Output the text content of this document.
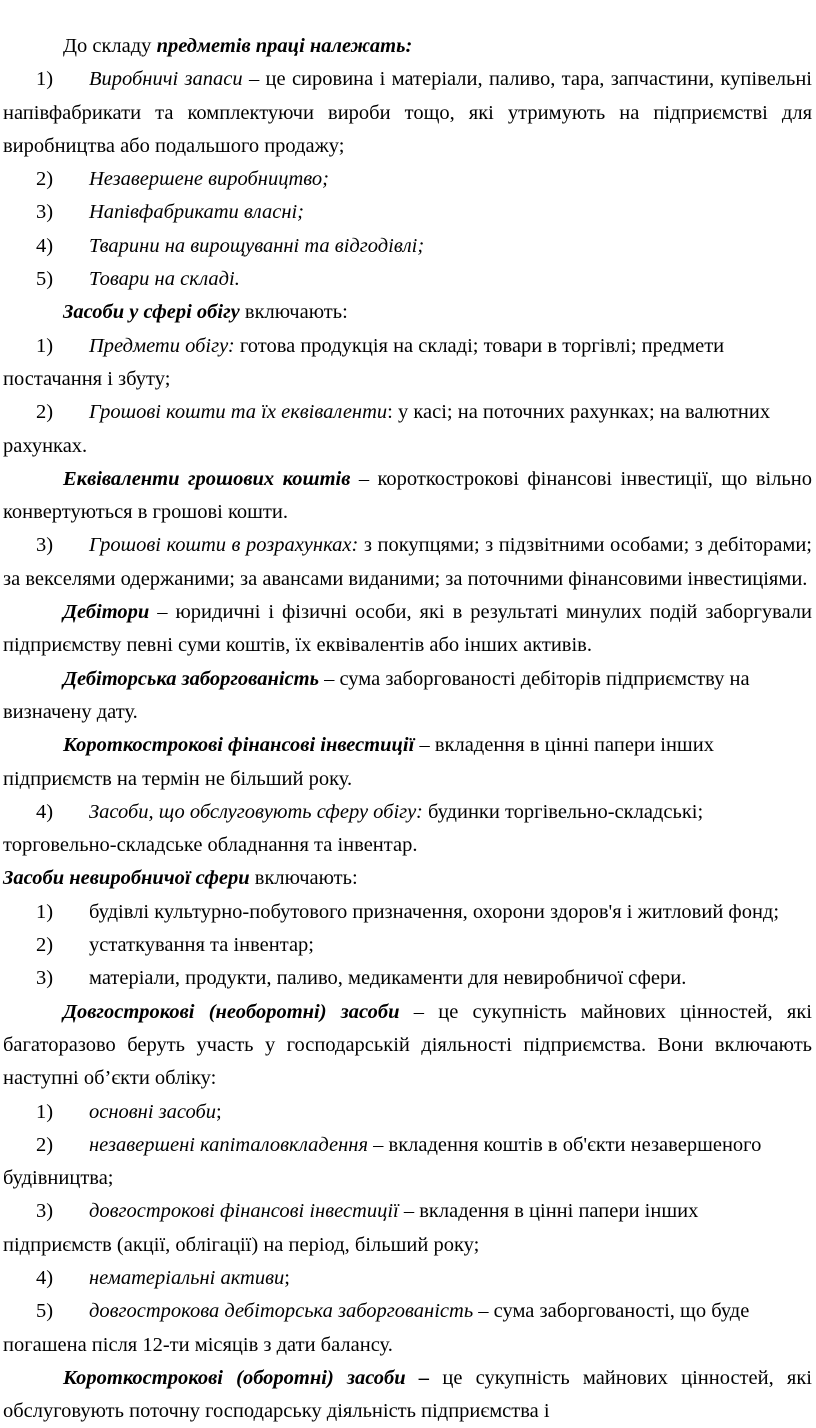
До складу предметів праці належать:

1) Виробничі запаси – це сировина і матеріали, паливо, тара, запчастини, купівельні напівфабрикати та комплектуючи вироби тощо, які утримують на підприємстві для виробництва або подальшого продажу;

2) Незавершене виробництво;

3) Напівфабрикати власні;

4) Тварини на вирощуванні та відгодівлі;

5) Товари на складі.

Засоби у сфері обігу включають:

1) Предмети обігу: готова продукція на складі; товари в торгівлі; предмети постачання і збуту;

2) Грошові кошти та їх еквіваленти: у касі; на поточних рахунках; на валютних рахунках.

Еквіваленти грошових коштів – короткострокові фінансові інвестиції, що вільно конвертуються в грошові кошти.

3) Грошові кошти в розрахунках: з покупцями; з підзвітними особами; з дебіторами; за векселями одержаними; за авансами виданими; за поточними фінансовими інвестиціями.

Дебітори – юридичні і фізичні особи, які в результаті минулих подій заборгували підприємству певні суми коштів, їх еквівалентів або інших активів.

Дебіторська заборгованість – сума заборгованості дебіторів підприємству на визначену дату.

Короткострокові фінансові інвестиції – вкладення в цінні папери інших підприємств на термін не більший року.

4) Засоби, що обслуговують сферу обігу: будинки торгівельно-складські; торговельно-складське обладнання та інвентар.

Засоби невиробничої сфери включають:

1) будівлі культурно-побутового призначення, охорони здоров'я і житловий фонд;

2) устаткування та інвентар;

3) матеріали, продукти, паливо, медикаменти для невиробничої сфери.

Довгострокові (необоротні) засоби – це сукупність майнових цінностей, які багаторазово беруть участь у господарській діяльності підприємства. Вони включають наступні об’єкти обліку:

1) основні засоби;

2) незавершені капіталовкладення – вкладення коштів в об'єкти незавершеного будівництва;

3) довгострокові фінансові інвестиції – вкладення в цінні папери інших підприємств (акції, облігації) на період, більший року;

4) нематеріальні активи;

5) довгострокова дебіторська заборгованість – сума заборгованості, що буде погашена після 12-ти місяців з дати балансу.

Короткострокові (оборотні) засоби – це сукупність майнових цінностей, які обслуговують поточну господарську діяльність підприємства і
